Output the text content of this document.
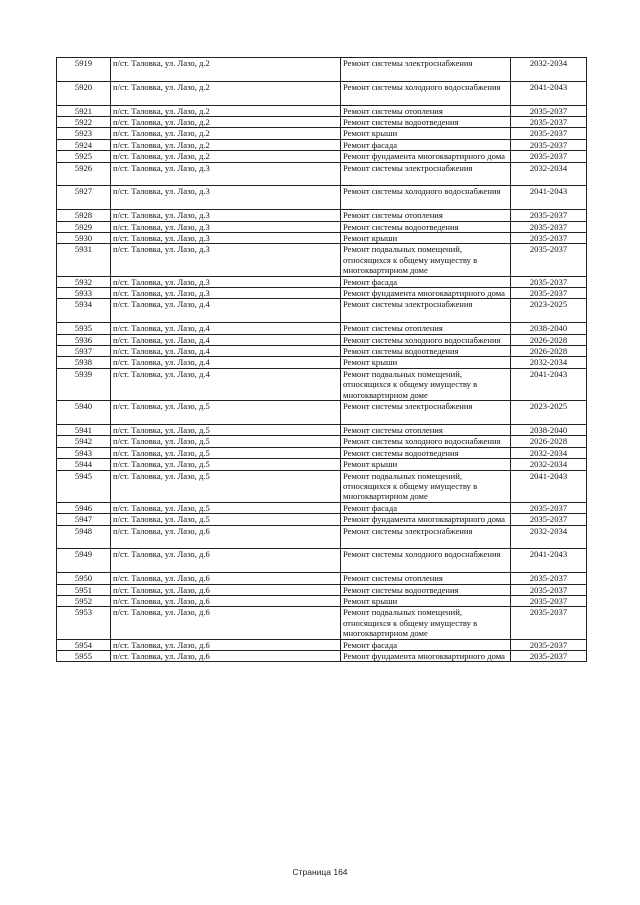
5919	п/ст. Таловка, ул. Лазо, д.2	Ремонт системы электроснабжения	2032-2034
5920	п/ст. Таловка, ул. Лазо, д.2	Ремонт системы холодного водоснабжения	2041-2043
5921	п/ст. Таловка, ул. Лазо, д.2	Ремонт системы отопления	2035-2037
5922	п/ст. Таловка, ул. Лазо, д.2	Ремонт системы водоотведения	2035-2037
5923	п/ст. Таловка, ул. Лазо, д.2	Ремонт крыши	2035-2037
5924	п/ст. Таловка, ул. Лазо, д.2	Ремонт фасада	2035-2037
5925	п/ст. Таловка, ул. Лазо, д.2	Ремонт фундамента многоквартирного дома	2035-2037
5926	п/ст. Таловка, ул. Лазо, д.3	Ремонт системы электроснабжения	2032-2034
5927	п/ст. Таловка, ул. Лазо, д.3	Ремонт системы холодного водоснабжения	2041-2043
5928	п/ст. Таловка, ул. Лазо, д.3	Ремонт системы отопления	2035-2037
5929	п/ст. Таловка, ул. Лазо, д.3	Ремонт системы водоотведения	2035-2037
5930	п/ст. Таловка, ул. Лазо, д.3	Ремонт крыши	2035-2037
5931	п/ст. Таловка, ул. Лазо, д.3	Ремонт подвальных помещений, относящихся к общему имуществу в многоквартирном доме	2035-2037
5932	п/ст. Таловка, ул. Лазо, д.3	Ремонт фасада	2035-2037
5933	п/ст. Таловка, ул. Лазо, д.3	Ремонт фундамента многоквартирного дома	2035-2037
5934	п/ст. Таловка, ул. Лазо, д.4	Ремонт системы электроснабжения	2023-2025
5935	п/ст. Таловка, ул. Лазо, д.4	Ремонт системы отопления	2038-2040
5936	п/ст. Таловка, ул. Лазо, д.4	Ремонт системы холодного водоснабжения	2026-2028
5937	п/ст. Таловка, ул. Лазо, д.4	Ремонт системы водоотведения	2026-2028
5938	п/ст. Таловка, ул. Лазо, д.4	Ремонт крыши	2032-2034
5939	п/ст. Таловка, ул. Лазо, д.4	Ремонт подвальных помещений, относящихся к общему имуществу в многоквартирном доме	2041-2043
5940	п/ст. Таловка, ул. Лазо, д.5	Ремонт системы электроснабжения	2023-2025
5941	п/ст. Таловка, ул. Лазо, д.5	Ремонт системы отопления	2038-2040
5942	п/ст. Таловка, ул. Лазо, д.5	Ремонт системы холодного водоснабжения	2026-2028
5943	п/ст. Таловка, ул. Лазо, д.5	Ремонт системы водоотведения	2032-2034
5944	п/ст. Таловка, ул. Лазо, д.5	Ремонт крыши	2032-2034
5945	п/ст. Таловка, ул. Лазо, д.5	Ремонт подвальных помещений, относящихся к общему имуществу в многоквартирном доме	2041-2043
5946	п/ст. Таловка, ул. Лазо, д.5	Ремонт фасада	2035-2037
5947	п/ст. Таловка, ул. Лазо, д.5	Ремонт фундамента многоквартирного дома	2035-2037
5948	п/ст. Таловка, ул. Лазо, д.6	Ремонт системы электроснабжения	2032-2034
5949	п/ст. Таловка, ул. Лазо, д.6	Ремонт системы холодного водоснабжения	2041-2043
5950	п/ст. Таловка, ул. Лазо, д.6	Ремонт системы отопления	2035-2037
5951	п/ст. Таловка, ул. Лазо, д.6	Ремонт системы водоотведения	2035-2037
5952	п/ст. Таловка, ул. Лазо, д.6	Ремонт крыши	2035-2037
5953	п/ст. Таловка, ул. Лазо, д.6	Ремонт подвальных помещений, относящихся к общему имуществу в многоквартирном доме	2035-2037
5954	п/ст. Таловка, ул. Лазо, д.6	Ремонт фасада	2035-2037
5955	п/ст. Таловка, ул. Лазо, д.6	Ремонт фундамента многоквартирного дома	2035-2037
Страница 164
